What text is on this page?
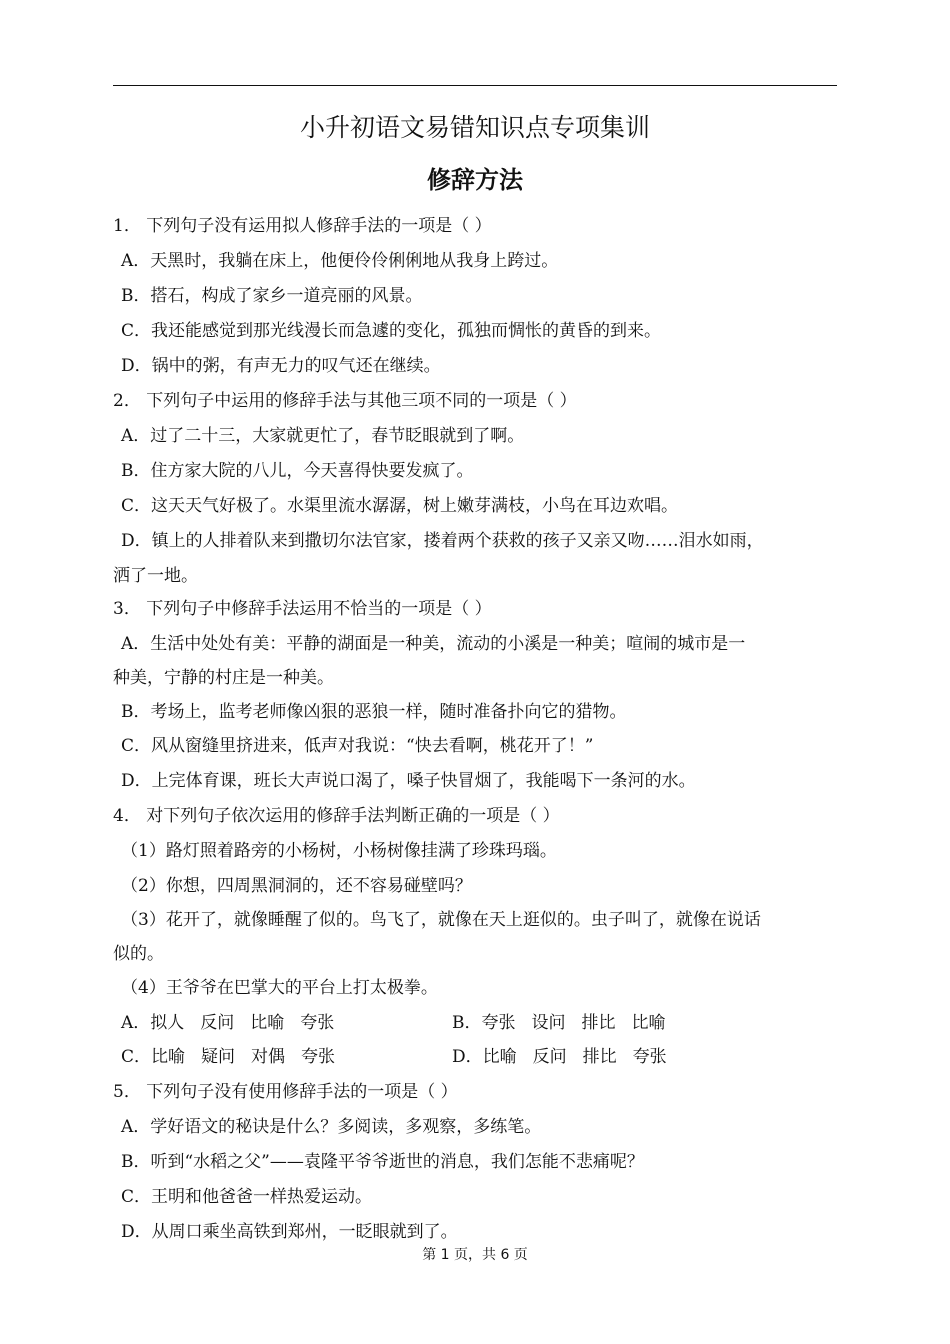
小升初语文易错知识点专项集训
修辞方法
1． 下列句子没有运用拟人修辞手法的一项是（ ）
A．天黑时，我躺在床上，他便伶伶俐俐地从我身上跨过。
B．搭石，构成了家乡一道亮丽的风景。
C．我还能感觉到那光线漫长而急遽的变化，孤独而惆怅的黄昏的到来。
D．锅中的粥，有声无力的叹气还在继续。
2． 下列句子中运用的修辞手法与其他三项不同的一项是（ ）
A．过了二十三，大家就更忙了，春节眨眼就到了啊。
B．住方家大院的八儿，今天喜得快要发疯了。
C．这天天气好极了。水渠里流水潺潺，树上嫩芽满枝，小鸟在耳边欢唱。
D．镇上的人排着队来到撒切尔法官家，搂着两个获救的孩子又亲又吻……泪水如雨，
洒了一地。
3． 下列句子中修辞手法运用不恰当的一项是（ ）
A．生活中处处有美：平静的湖面是一种美，流动的小溪是一种美；喧闹的城市是一
种美，宁静的村庄是一种美。
B．考场上，监考老师像凶狠的恶狼一样，随时准备扑向它的猎物。
C．风从窗缝里挤进来，低声对我说：“快去看啊，桃花开了！”
D．上完体育课，班长大声说口渴了，嗓子快冒烟了，我能喝下一条河的水。
4． 对下列句子依次运用的修辞手法判断正确的一项是（ ）
（1）路灯照着路旁的小杨树，小杨树像挂满了珍珠玛瑙。
（2）你想，四周黑洞洞的，还不容易碰壁吗？
（3）花开了，就像睡醒了似的。鸟飞了，就像在天上逛似的。虫子叫了，就像在说话
似的。
（4）王爷爷在巴掌大的平台上打太极拳。
A．拟人 反问 比喻 夸张	B．夸张 设问 排比 比喻
C．比喻 疑问 对偶 夸张	D．比喻 反问 排比 夸张
5． 下列句子没有使用修辞手法的一项是（ ）
A．学好语文的秘诀是什么？多阅读，多观察，多练笔。
B．听到“水稻之父”——袁隆平爷爷逝世的消息，我们怎能不悲痛呢？
C．王明和他爸爸一样热爱运动。
D．从周口乘坐高铁到郑州，一眨眼就到了。
第 1 页，共 6 页
